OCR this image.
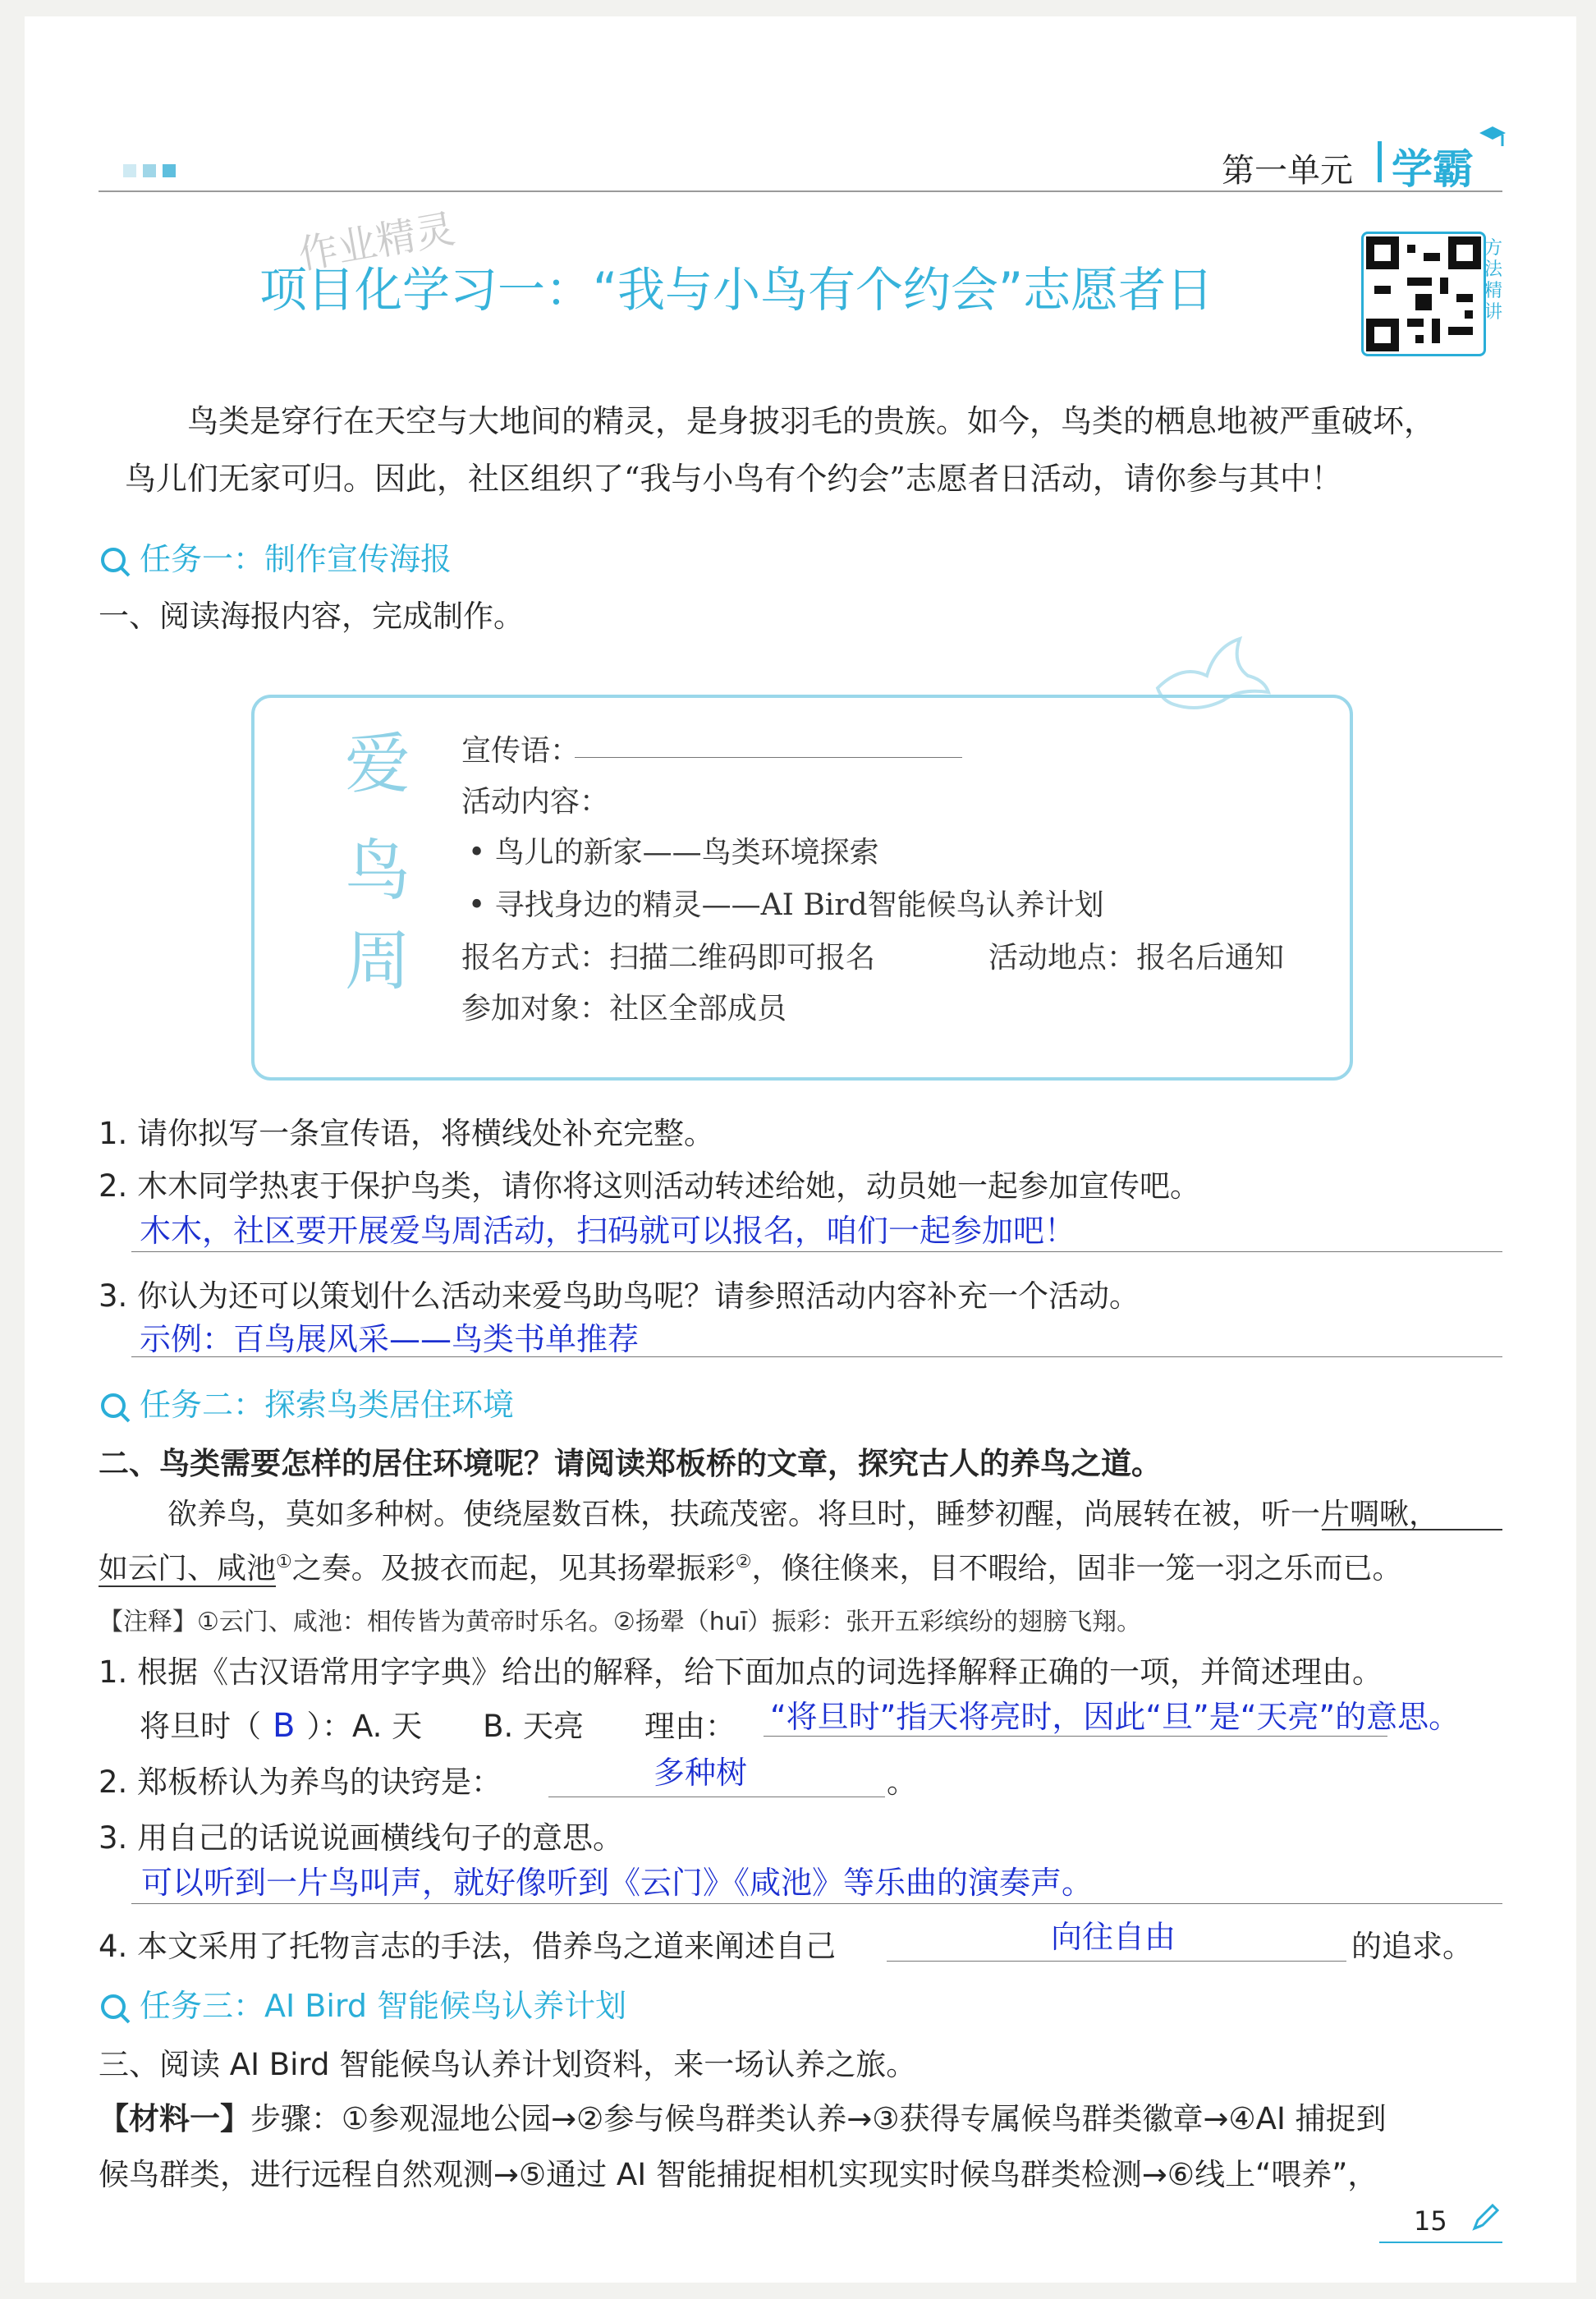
第一单元 学霸
作业精灵
项目化学习一：“我与小鸟有个约会”志愿者日
方法精讲
鸟类是穿行在天空与大地间的精灵，是身披羽毛的贵族。如今，鸟类的栖息地被严重破坏，
鸟儿们无家可归。因此，社区组织了“我与小鸟有个约会”志愿者日活动，请你参与其中！
任务一：制作宣传海报
一、阅读海报内容，完成制作。
爱
鸟
周
宣传语：
活动内容：
• 鸟儿的新家——鸟类环境探索
• 寻找身边的精灵——AI Bird智能候鸟认养计划
报名方式：扫描二维码即可报名	活动地点：报名后通知
参加对象：社区全部成员
1. 请你拟写一条宣传语，将横线处补充完整。
2. 木木同学热衷于保护鸟类，请你将这则活动转述给她，动员她一起参加宣传吧。
木木，社区要开展爱鸟周活动，扫码就可以报名，咱们一起参加吧！
3. 你认为还可以策划什么活动来爱鸟助鸟呢？请参照活动内容补充一个活动。
示例：百鸟展风采——鸟类书单推荐
任务二：探索鸟类居住环境
二、鸟类需要怎样的居住环境呢？请阅读郑板桥的文章，探究古人的养鸟之道。
欲养鸟，莫如多种树。使绕屋数百株，扶疏茂密。将旦时，睡梦初醒，尚展转在被，听一片啁啾，
如云门、咸池①之奏。及披衣而起，见其扬翚振彩②，倏往倏来，目不暇给，固非一笼一羽之乐而已。
【注释】①云门、咸池：相传皆为黄帝时乐名。②扬翚（huī）振彩：张开五彩缤纷的翅膀飞翔。
1. 根据《古汉语常用字字典》给出的解释，给下面加点的词选择解释正确的一项，并简述理由。
将旦时（ B ）：A. 天　　B. 天亮　　理由： “将旦时”指天将亮时，因此“旦”是“天亮”的意思。
2. 郑板桥认为养鸟的诀窍是：	多种树	。
3. 用自己的话说说画横线句子的意思。
可以听到一片鸟叫声，就好像听到《云门》《咸池》等乐曲的演奏声。
4. 本文采用了托物言志的手法，借养鸟之道来阐述自己	向往自由	的追求。
任务三：AI Bird 智能候鸟认养计划
三、阅读 AI Bird 智能候鸟认养计划资料，来一场认养之旅。
【材料一】步骤：①参观湿地公园→②参与候鸟群类认养→③获得专属候鸟群类徽章→④AI 捕捉到
候鸟群类，进行远程自然观测→⑤通过 AI 智能捕捉相机实现实时候鸟群类检测→⑥线上“喂养”，
15
